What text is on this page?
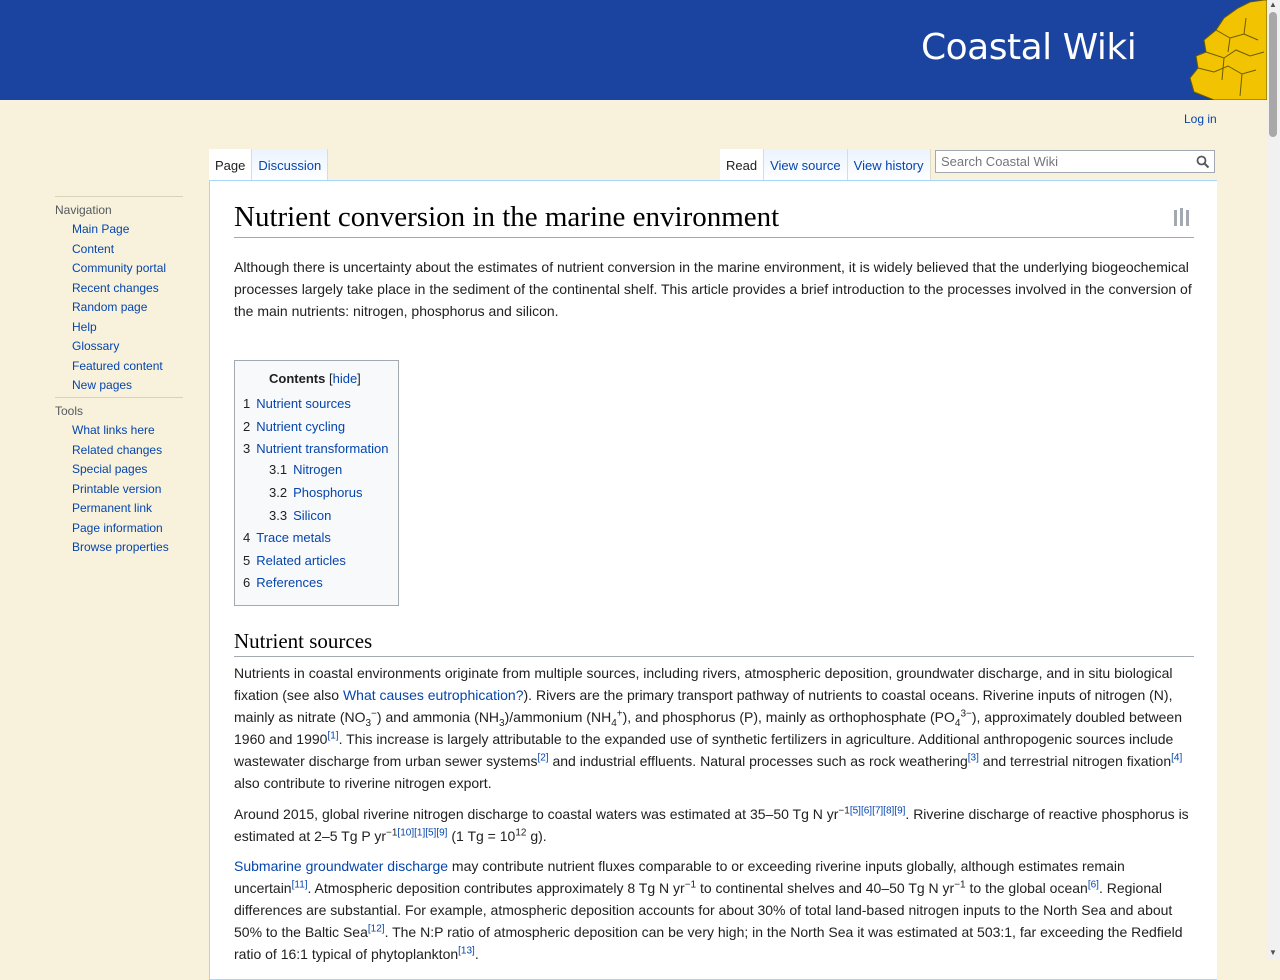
Coastal Wiki
▲
▼
Log in
Navigation
Main Page
Content
Community portal
Recent changes
Random page
Help
Glossary
Featured content
New pages
Tools
What links here
Related changes
Special pages
Printable version
Permanent link
Page information
Browse properties
Page Discussion	Read View source View history	Search Coastal Wiki
Nutrient conversion in the marine environment

Although there is uncertainty about the estimates of nutrient conversion in the marine environment, it is widely believed that the underlying biogeochemical processes largely take place in the sediment of the continental shelf. This article provides a brief introduction to the processes involved in the conversion of the main nutrients: nitrogen, phosphorus and silicon.

Contents [hide]
1 Nutrient sources
2 Nutrient cycling
3 Nutrient transformation
3.1 Nitrogen
3.2 Phosphorus
3.3 Silicon
4 Trace metals
5 Related articles
6 References
Nutrient sources

Nutrients in coastal environments originate from multiple sources, including rivers, atmospheric deposition, groundwater discharge, and in situ biological fixation (see also What causes eutrophication?). Rivers are the primary transport pathway of nutrients to coastal oceans. Riverine inputs of nitrogen (N), mainly as nitrate $(NO_3^-)$ and ammonia $(NH_3)$/ammonium $(NH_4^+)$, and phosphorus (P), mainly as orthophosphate $(PO_4^{3-})$, approximately doubled between 1960 and 1990[1]. This increase is largely attributable to the expanded use of synthetic fertilizers in agriculture. Additional anthropogenic sources include wastewater discharge from urban sewer systems[2] and industrial effluents. Natural processes such as rock weathering[3] and terrestrial nitrogen fixation[4] also contribute to riverine nitrogen export.

Around 2015, global riverine nitrogen discharge to coastal waters was estimated at 35–50 Tg N $yr^{-1[5][6][7][8][9]}$. Riverine discharge of reactive phosphorus is estimated at 2–5 Tg P $yr^{-1[10][1][5][9]}$ (1 $Tg = 10^{12}$ g).

Submarine groundwater discharge may contribute nutrient fluxes comparable to or exceeding riverine inputs globally, although estimates remain uncertain[11]. Atmospheric deposition contributes approximately 8 Tg N $yr^{-1}$ to continental shelves and 40–50 Tg N $yr^{-1}$ to the global ocean[6]. Regional differences are substantial. For example, atmospheric deposition accounts for about 30% of total land-based nitrogen inputs to the North Sea and about 50% to the Baltic Sea[12]. The N:P ratio of atmospheric deposition can be very high; in the North Sea it was estimated at 503:1, far exceeding the Redfield ratio of 16:1 typical of phytoplankton[13].
